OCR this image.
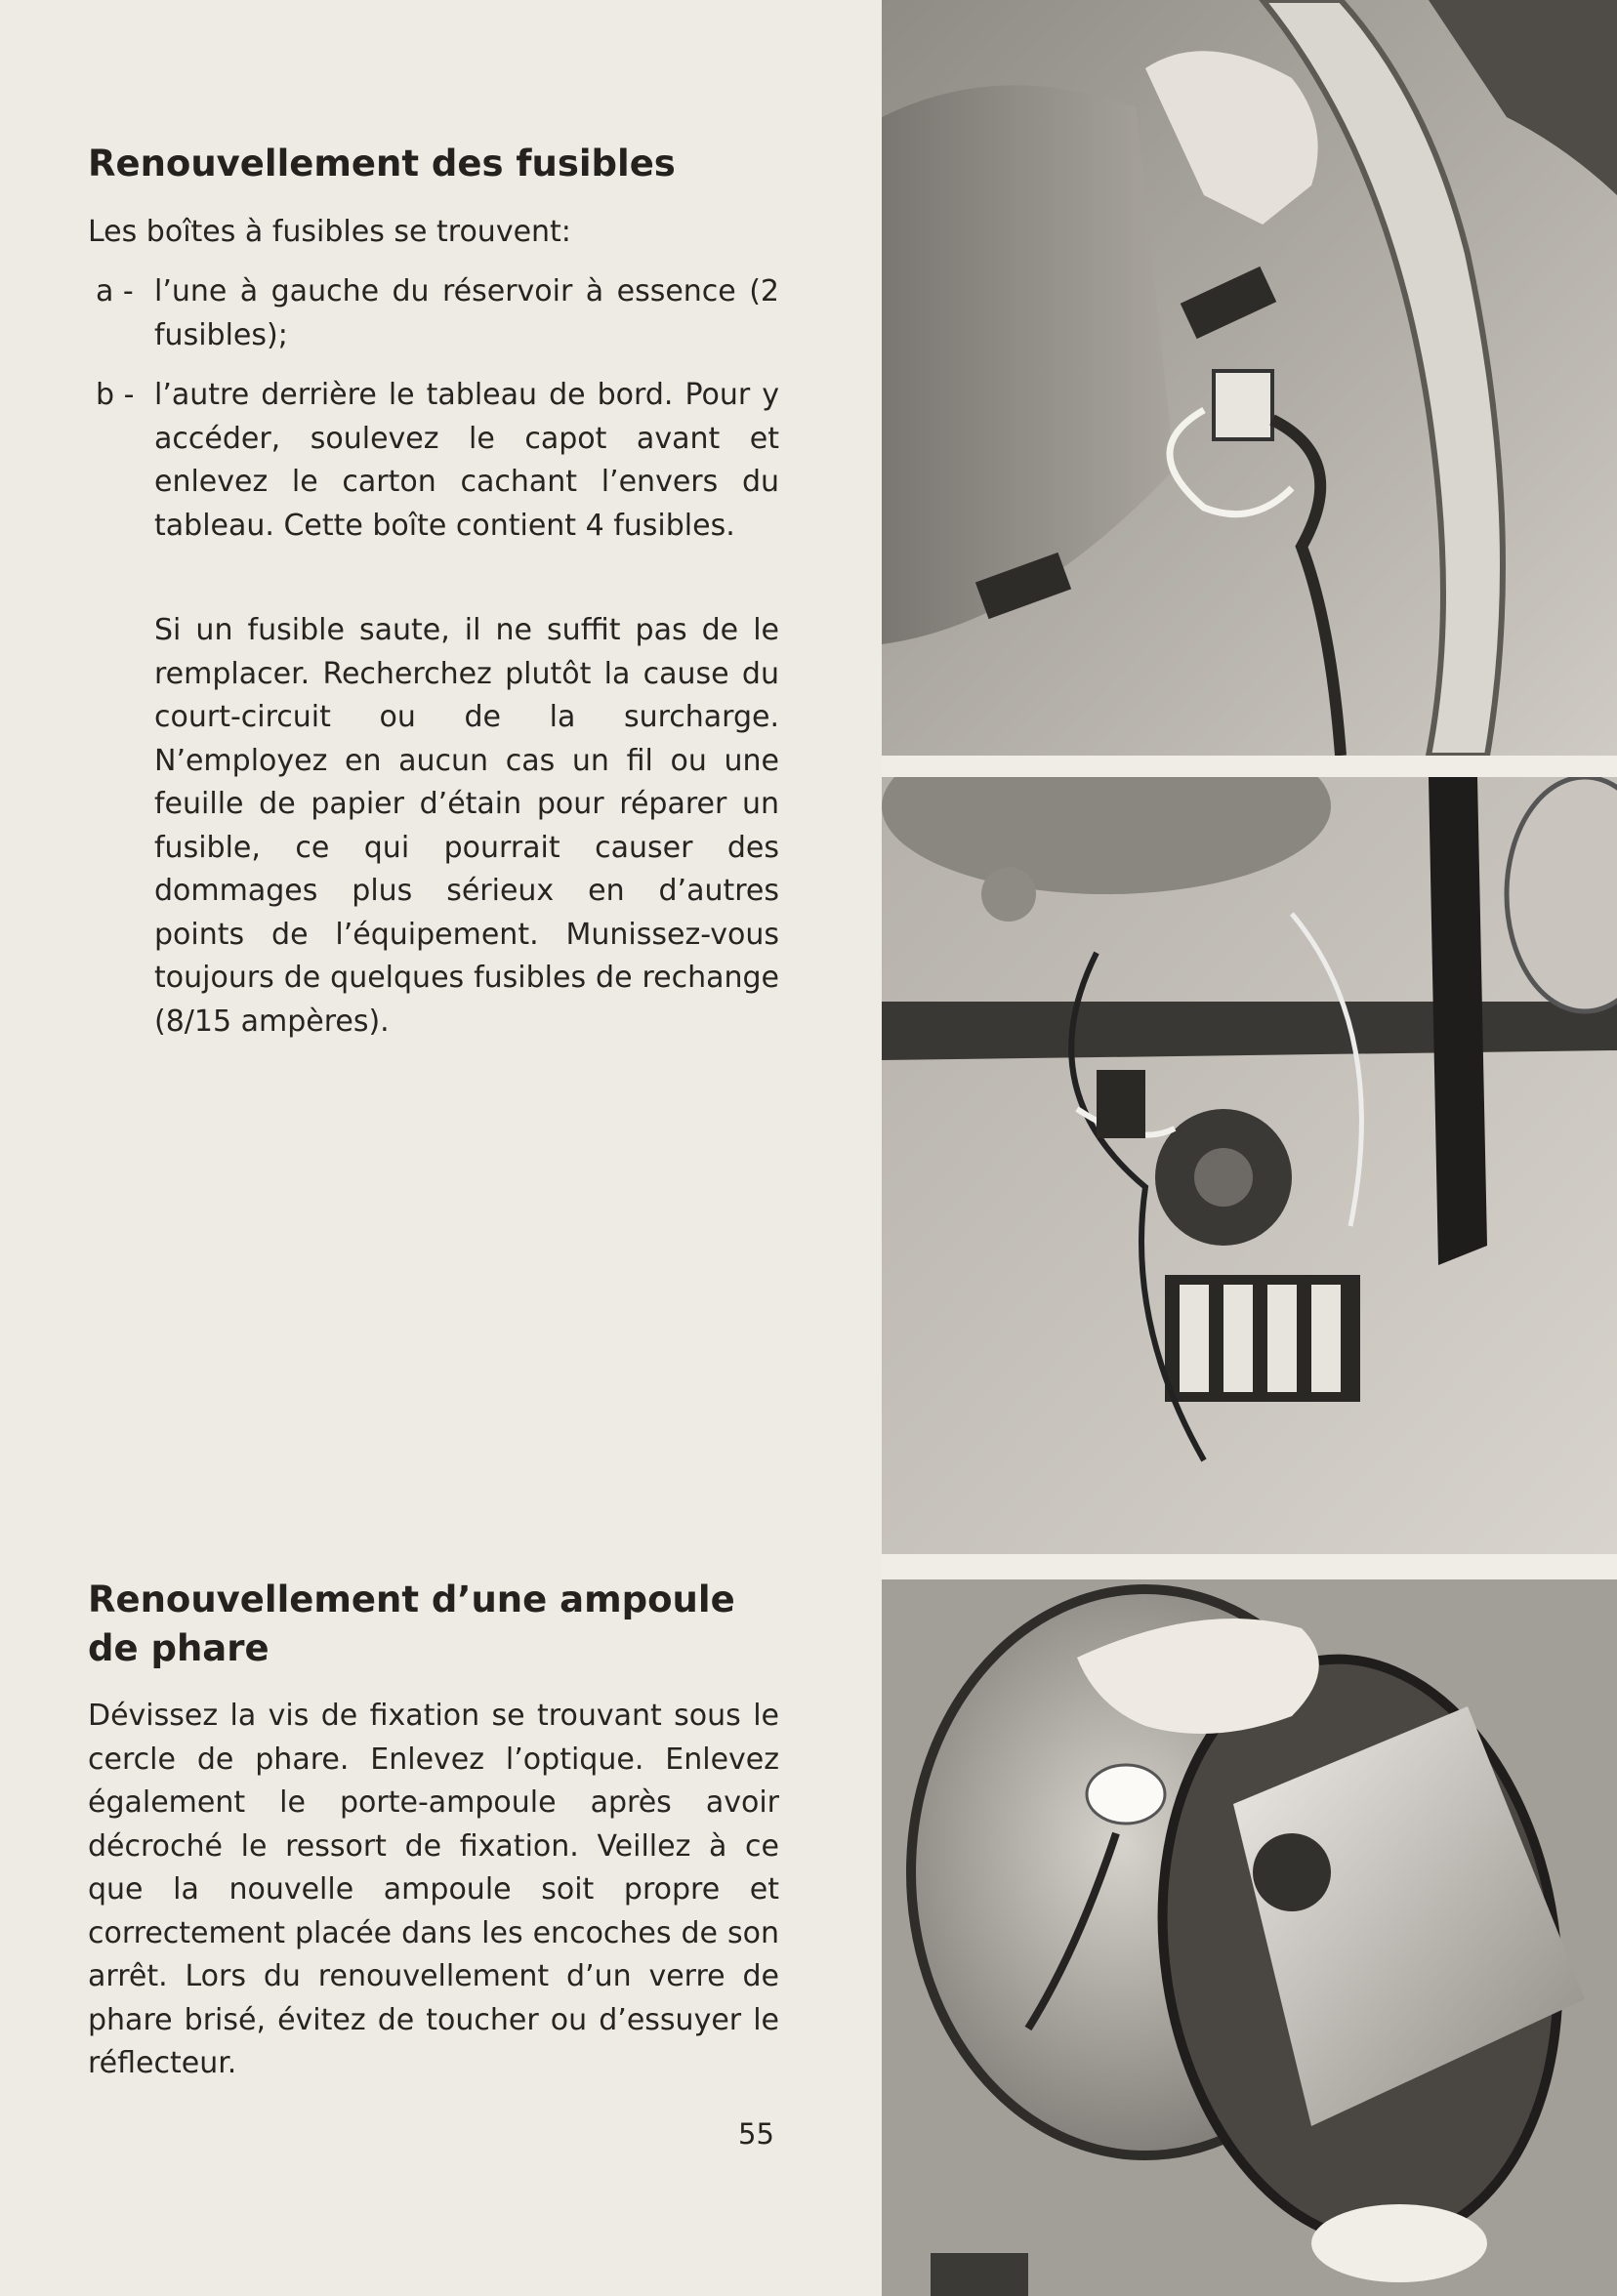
Renouvellement des fusibles

Les boîtes à fusibles se trouvent:

a - l’une à gauche du réservoir à essence (2 fusibles);
b - l’autre derrière le tableau de bord. Pour y accéder, soulevez le capot avant et enlevez le carton cachant l’envers du tableau. Cette boîte contient 4 fusibles.

Si un fusible saute, il ne suffit pas de le remplacer. Recherchez plutôt la cause du court-circuit ou de la surcharge. N’employez en aucun cas un fil ou une feuille de papier d’étain pour réparer un fusible, ce qui pourrait causer des dommages plus sérieux en d’autres points de l’équipement. Munissez-vous toujours de quelques fusibles de rechange (8/15 ampères).

Renouvellement d’une ampoule de phare

Dévissez la vis de fixation se trouvant sous le cercle de phare. Enlevez l’optique. Enlevez également le porte-ampoule après avoir décroché le ressort de fixation. Veillez à ce que la nouvelle ampoule soit propre et correctement placée dans les encoches de son arrêt. Lors du renouvellement d’un verre de phare brisé, évitez de toucher ou d’essuyer le réflecteur.

55
